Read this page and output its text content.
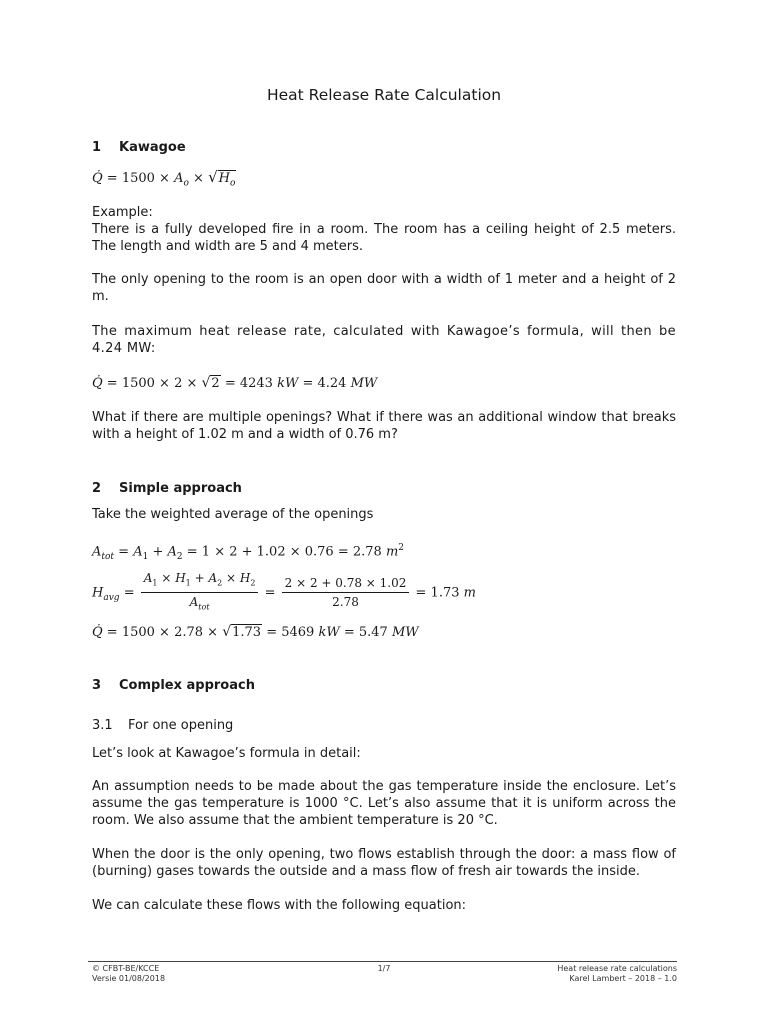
Heat Release Rate Calculation
1 Kawagoe
Q̇ = $1500 \times A_o \times √H_o$
Example:
There is a fully developed fire in a room. The room has a ceiling height of 2.5 meters. The length and width are 5 and 4 meters.
The only opening to the room is an open door with a width of 1 meter and a height of 2 m.
The maximum heat release rate, calculated with Kawagoe’s formula, will then be 4.24 MW:
Q̇ = 1500 × 2 × √2 = 4243 kW = 4.24 MW
What if there are multiple openings? What if there was an additional window that breaks with a height of 1.02 m and a width of 0.76 m?
2 Simple approach
Take the weighted average of the openings
$A_{tot} = A_1 + A_2 = 1 \times 2 + 1.02 \times 0.76 = 2.78$ $m^2$
$H_{avg} = \frac{A_1 \times H_1 + A_2 \times H_2}{A_{tot}} = \frac{2 \times 2 + 0.78 \times 1.02}{2.78} = 1.73$ m
Q̇ = 1500 × 2.78 × √1.73 = 5469 kW = 5.47 MW
3 Complex approach
3.1 For one opening
Let’s look at Kawagoe’s formula in detail:
An assumption needs to be made about the gas temperature inside the enclosure. Let’s assume the gas temperature is 1000 °C. Let’s also assume that it is uniform across the room. We also assume that the ambient temperature is 20 °C.
When the door is the only opening, two flows establish through the door: a mass flow of (burning) gases towards the outside and a mass flow of fresh air towards the inside.
We can calculate these flows with the following equation:
© CFBT-BE/KCCE
Versie 01/08/2018
1/7	Heat release rate calculations
Karel Lambert – 2018 – 1.0
